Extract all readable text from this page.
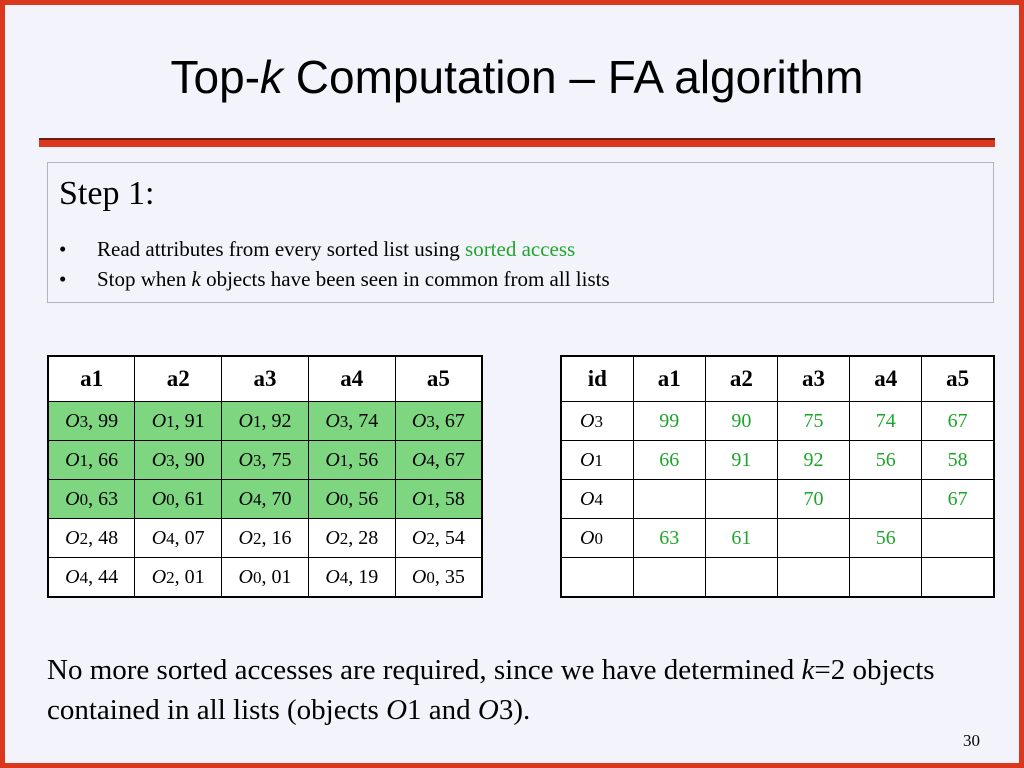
Top-k Computation – FA algorithm
Step 1:
• Read attributes from every sorted list using sorted access
• Stop when k objects have been seen in common from all lists
a1	a2	a3	a4	a5
O3, 99	O1, 91	O1, 92	O3, 74	O3, 67
O1, 66	O3, 90	O3, 75	O1, 56	O4, 67
O0, 63	O0, 61	O4, 70	O0, 56	O1, 58
O2, 48	O4, 07	O2, 16	O2, 28	O2, 54
O4, 44	O2, 01	O0, 01	O4, 19	O0, 35
id	a1	a2	a3	a4	a5
O3	99	90	75	74	67
O1	66	91	92	56	58
O4			70		67
O0	63	61		56	

No more sorted accesses are required, since we have determined k=2 objects contained in all lists (objects O1 and O3).
30
